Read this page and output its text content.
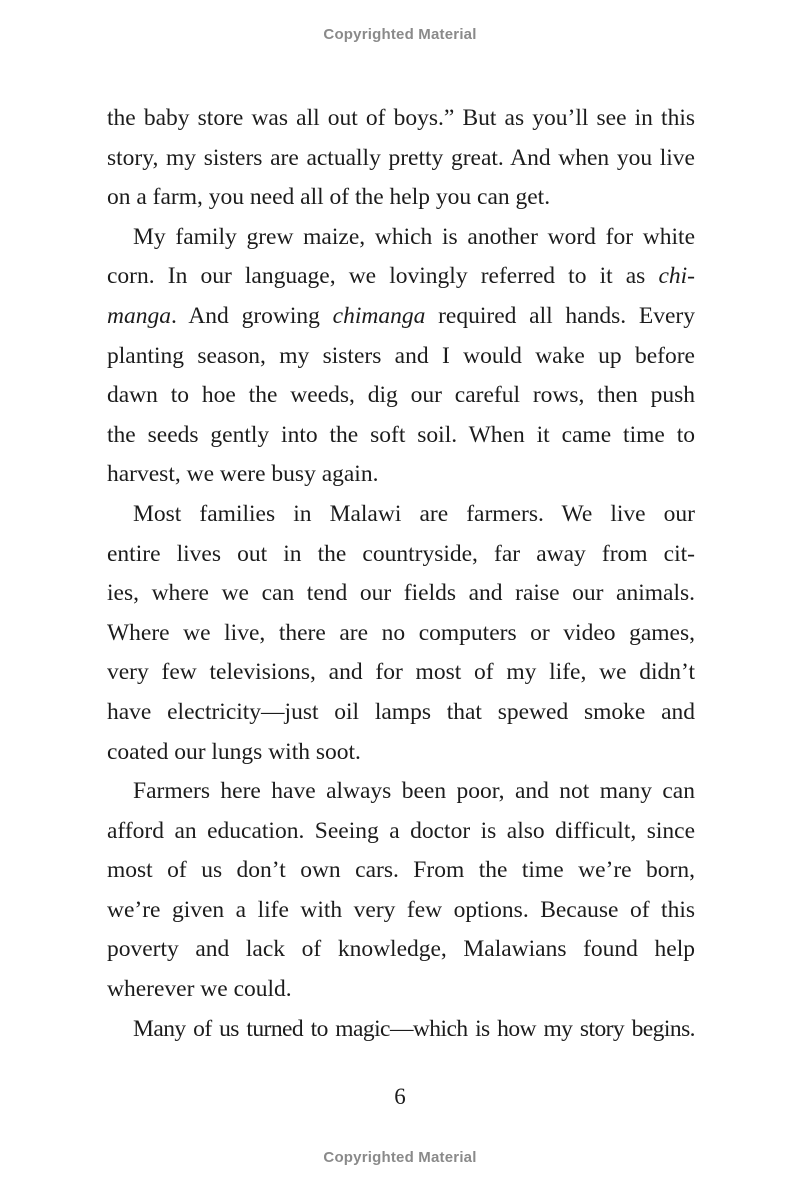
Copyrighted Material
the baby store was all out of boys.” But as you’ll see in this
story, my sisters are actually pretty great. And when you live
on a farm, you need all of the help you can get.
My family grew maize, which is another word for white
corn. In our language, we lovingly referred to it as chi-
manga. And growing chimanga required all hands. Every
planting season, my sisters and I would wake up before
dawn to hoe the weeds, dig our careful rows, then push
the seeds gently into the soft soil. When it came time to
harvest, we were busy again.
Most families in Malawi are farmers. We live our
entire lives out in the countryside, far away from cit-
ies, where we can tend our fields and raise our animals.
Where we live, there are no computers or video games,
very few televisions, and for most of my life, we didn’t
have electricity—just oil lamps that spewed smoke and
coated our lungs with soot.
Farmers here have always been poor, and not many can
afford an education. Seeing a doctor is also difficult, since
most of us don’t own cars. From the time we’re born,
we’re given a life with very few options. Because of this
poverty and lack of knowledge, Malawians found help
wherever we could.
Many of us turned to magic—which is how my story begins.
6
Copyrighted Material
